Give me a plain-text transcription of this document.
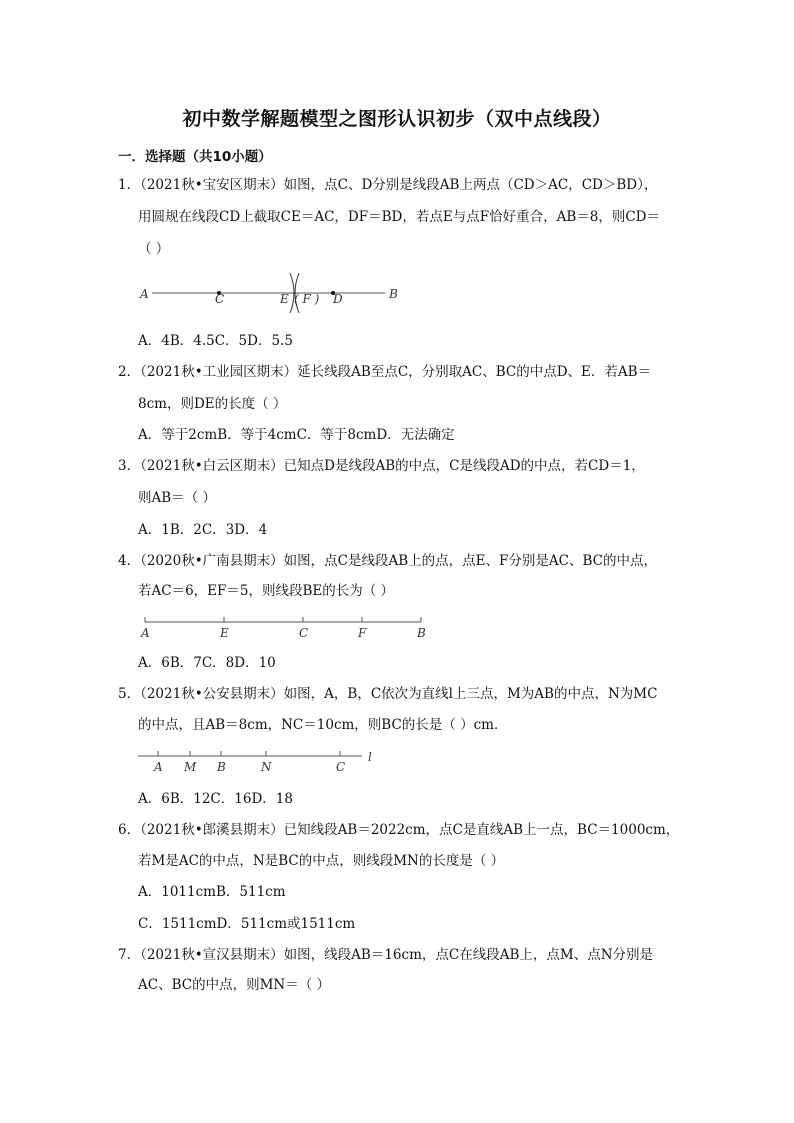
初中数学解题模型之图形认识初步（双中点线段）
一．选择题（共10小题）
1．（2021秋•宝安区期末）如图，点C、D分别是线段AB上两点（CD＞AC，CD＞BD），
用圆规在线段CD上截取CE＝AC，DF＝BD，若点E与点F恰好重合，AB＝8，则CD＝
（ ）
A	C	E ( F ) D	B
A	E	C	F	B
A M B	N	C
l
A．4B．4.5C．5D．5.5
2．（2021秋•工业园区期末）延长线段AB至点C，分别取AC、BC的中点D、E．若AB＝
8cm，则DE的长度（ ）
A．等于2cmB．等于4cmC．等于8cmD．无法确定
3．（2021秋•白云区期末）已知点D是线段AB的中点，C是线段AD的中点，若CD＝1，
则AB＝（ ）
A．1B．2C．3D．4
4．（2020秋•广南县期末）如图，点C是线段AB上的点，点E、F分别是AC、BC的中点，
若AC＝6，EF＝5，则线段BE的长为（ ）
A．6B．7C．8D．10
5．（2021秋•公安县期末）如图，A，B，C依次为直线l上三点，M为AB的中点，N为MC
的中点，且AB＝8cm，NC＝10cm，则BC的长是（ ）cm．
A．6B．12C．16D．18
6．（2021秋•郎溪县期末）已知线段AB＝2022cm，点C是直线AB上一点，BC＝1000cm，
若M是AC的中点，N是BC的中点，则线段MN的长度是（ ）
A．1011cmB．511cm
C．1511cmD．511cm或1511cm
7．（2021秋•宣汉县期末）如图，线段AB＝16cm，点C在线段AB上，点M、点N分别是
AC、BC的中点，则MN＝（ ）
